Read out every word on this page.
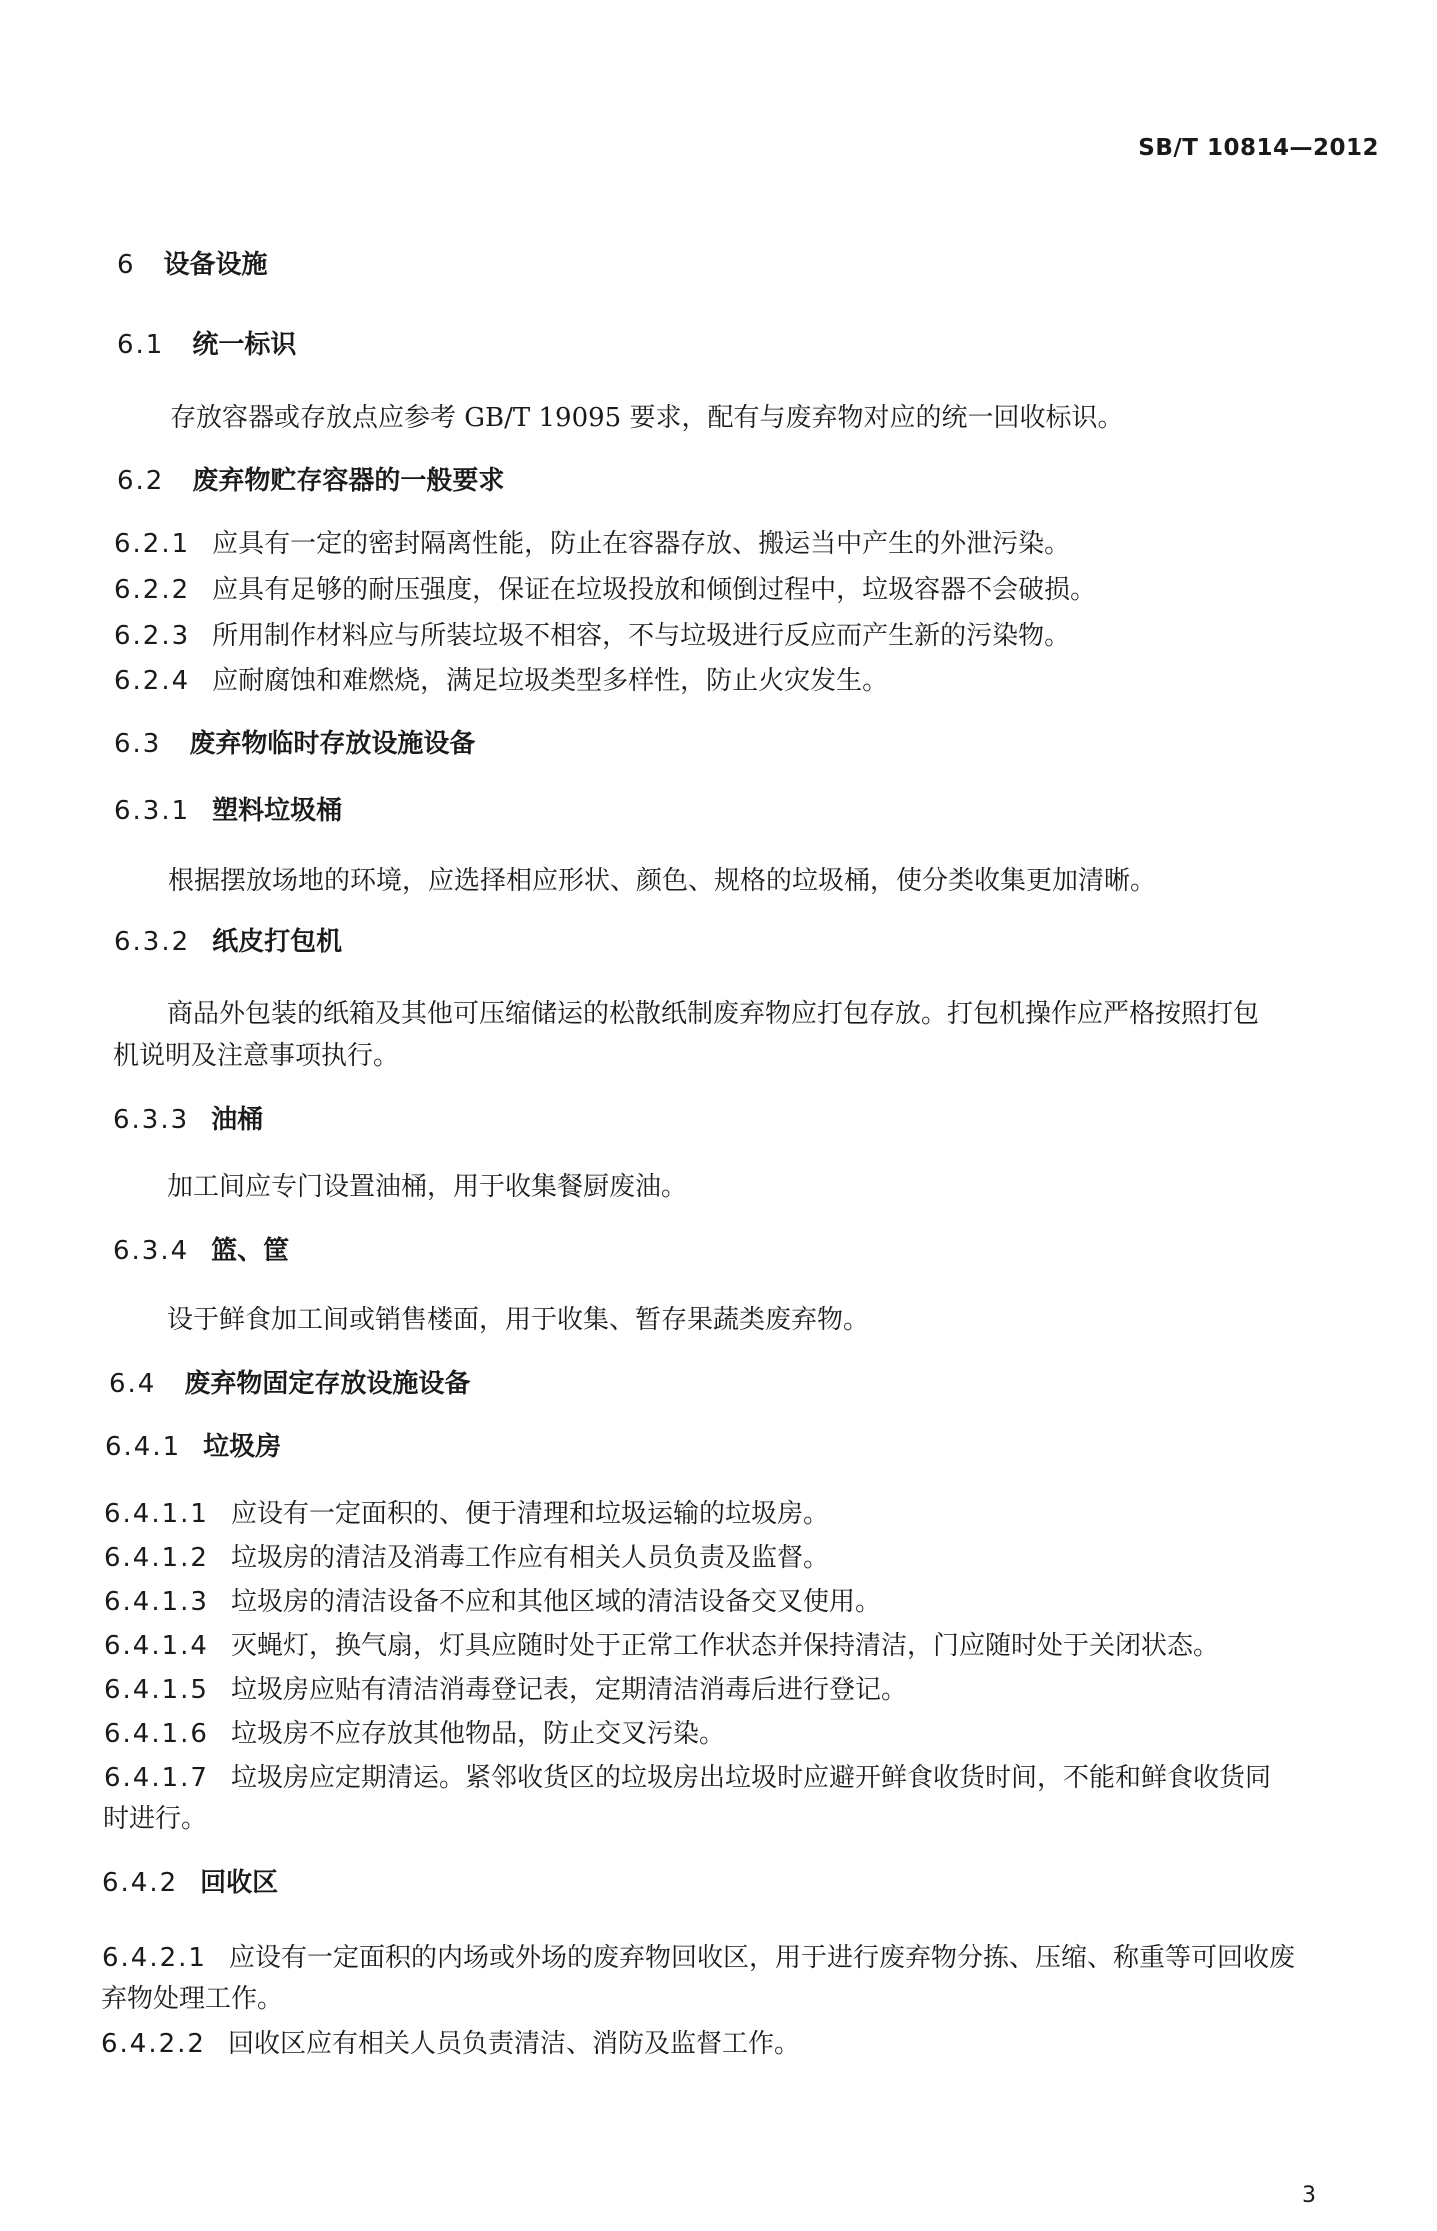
SB/T 10814—2012
6 设备设施
6.1 统一标识
存放容器或存放点应参考 GB/T 19095 要求，配有与废弃物对应的统一回收标识。
6.2 废弃物贮存容器的一般要求
6.2.1 应具有一定的密封隔离性能，防止在容器存放、搬运当中产生的外泄污染。
6.2.2 应具有足够的耐压强度，保证在垃圾投放和倾倒过程中，垃圾容器不会破损。
6.2.3 所用制作材料应与所装垃圾不相容，不与垃圾进行反应而产生新的污染物。
6.2.4 应耐腐蚀和难燃烧，满足垃圾类型多样性，防止火灾发生。
6.3 废弃物临时存放设施设备
6.3.1 塑料垃圾桶
根据摆放场地的环境，应选择相应形状、颜色、规格的垃圾桶，使分类收集更加清晰。
6.3.2 纸皮打包机
商品外包装的纸箱及其他可压缩储运的松散纸制废弃物应打包存放。打包机操作应严格按照打包
机说明及注意事项执行。
6.3.3 油桶
加工间应专门设置油桶，用于收集餐厨废油。
6.3.4 篮、筐
设于鲜食加工间或销售楼面，用于收集、暂存果蔬类废弃物。
6.4 废弃物固定存放设施设备
6.4.1 垃圾房
6.4.1.1 应设有一定面积的、便于清理和垃圾运输的垃圾房。
6.4.1.2 垃圾房的清洁及消毒工作应有相关人员负责及监督。
6.4.1.3 垃圾房的清洁设备不应和其他区域的清洁设备交叉使用。
6.4.1.4 灭蝇灯，换气扇，灯具应随时处于正常工作状态并保持清洁，门应随时处于关闭状态。
6.4.1.5 垃圾房应贴有清洁消毒登记表，定期清洁消毒后进行登记。
6.4.1.6 垃圾房不应存放其他物品，防止交叉污染。
6.4.1.7 垃圾房应定期清运。紧邻收货区的垃圾房出垃圾时应避开鲜食收货时间，不能和鲜食收货同
时进行。
6.4.2 回收区
6.4.2.1 应设有一定面积的内场或外场的废弃物回收区，用于进行废弃物分拣、压缩、称重等可回收废
弃物处理工作。
6.4.2.2 回收区应有相关人员负责清洁、消防及监督工作。
3
